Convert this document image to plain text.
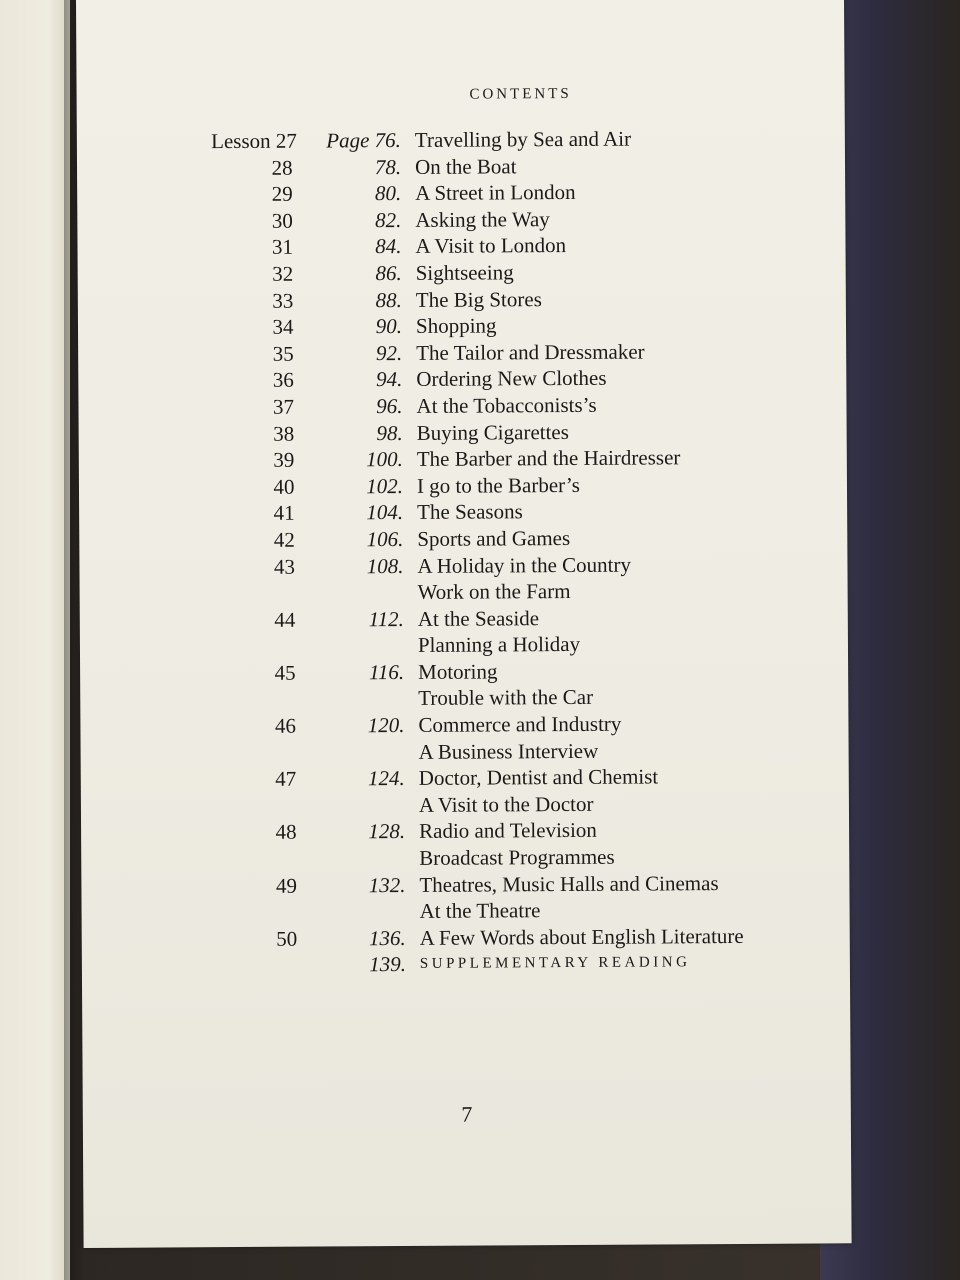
CONTENTS
Lesson 27 Page 76. Travelling by Sea and Air
28	78. On the Boat
29	80. A Street in London
30	82. Asking the Way
31	84. A Visit to London
32	86. Sightseeing
33	88. The Big Stores
34	90. Shopping
35	92. The Tailor and Dressmaker
36	94. Ordering New Clothes
37	96. At the Tobacconists’s
38	98. Buying Cigarettes
39	100. The Barber and the Hairdresser
40	102. I go to the Barber’s
41	104. The Seasons
42	106. Sports and Games
43	108. A Holiday in the Country
Work on the Farm
44	112. At the Seaside
Planning a Holiday
45	116. Motoring
Trouble with the Car
46	120. Commerce and Industry
A Business Interview
47	124. Doctor, Dentist and Chemist
A Visit to the Doctor
48	128. Radio and Television
Broadcast Programmes
49	132. Theatres, Music Halls and Cinemas
At the Theatre
50	136. A Few Words about English Literature
139. SUPPLEMENTARY READING
7
